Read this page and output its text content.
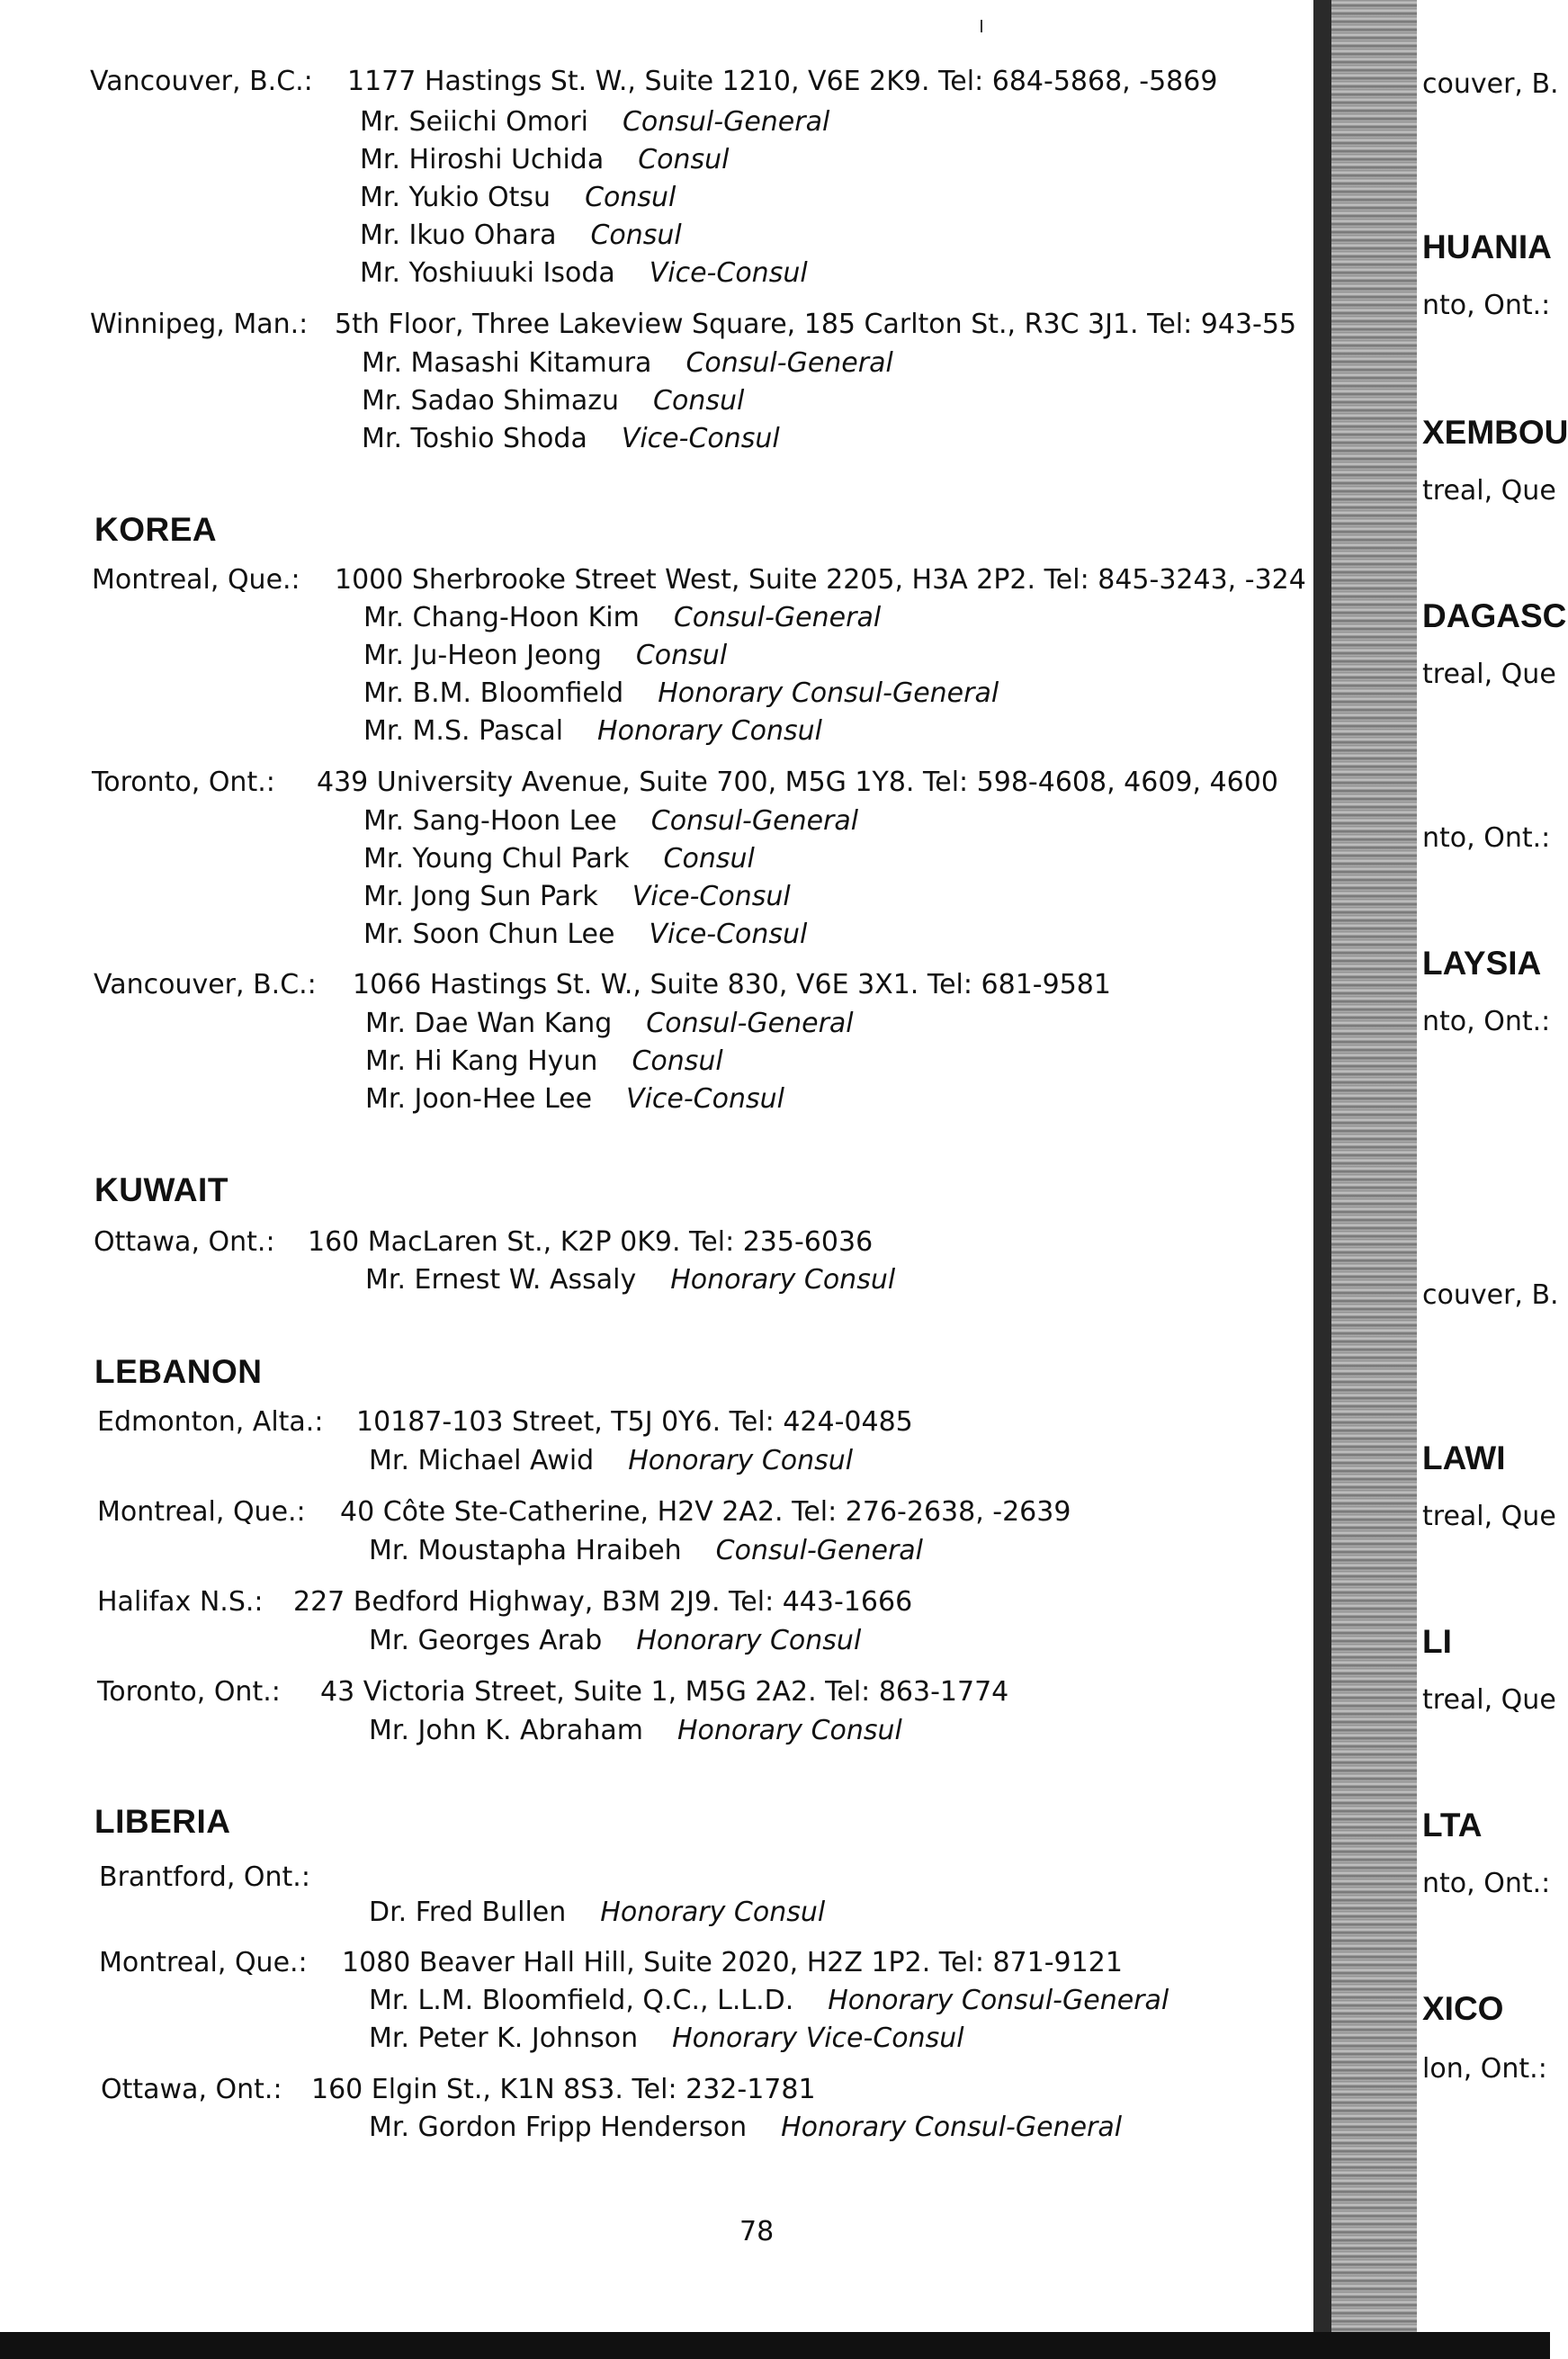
Vancouver, B.C.: 1177 Hastings St. W., Suite 1210, V6E 2K9. Tel: 684-5868, -5869
Mr. Seiichi Omori Consul-General
Mr. Hiroshi Uchida Consul
Mr. Yukio Otsu Consul
Mr. Ikuo Ohara Consul
Mr. Yoshiuuki Isoda Vice-Consul
Winnipeg, Man.: 5th Floor, Three Lakeview Square, 185 Carlton St., R3C 3J1. Tel: 943-55
Mr. Masashi Kitamura Consul-General
Mr. Sadao Shimazu Consul
Mr. Toshio Shoda Vice-Consul
KOREA
Montreal, Que.: 1000 Sherbrooke Street West, Suite 2205, H3A 2P2. Tel: 845-3243, -324
Mr. Chang-Hoon Kim Consul-General
Mr. Ju-Heon Jeong Consul
Mr. B.M. Bloomfield Honorary Consul-General
Mr. M.S. Pascal Honorary Consul
Toronto, Ont.: 439 University Avenue, Suite 700, M5G 1Y8. Tel: 598-4608, 4609, 4600
Mr. Sang-Hoon Lee Consul-General
Mr. Young Chul Park Consul
Mr. Jong Sun Park Vice-Consul
Mr. Soon Chun Lee Vice-Consul
Vancouver, B.C.: 1066 Hastings St. W., Suite 830, V6E 3X1. Tel: 681-9581
Mr. Dae Wan Kang Consul-General
Mr. Hi Kang Hyun Consul
Mr. Joon-Hee Lee Vice-Consul
KUWAIT
Ottawa, Ont.: 160 MacLaren St., K2P 0K9. Tel: 235-6036
Mr. Ernest W. Assaly Honorary Consul
LEBANON
Edmonton, Alta.: 10187-103 Street, T5J 0Y6. Tel: 424-0485
Mr. Michael Awid Honorary Consul
Montreal, Que.: 40 Côte Ste-Catherine, H2V 2A2. Tel: 276-2638, -2639
Mr. Moustapha Hraibeh Consul-General
Halifax N.S.: 227 Bedford Highway, B3M 2J9. Tel: 443-1666
Mr. Georges Arab Honorary Consul
Toronto, Ont.: 43 Victoria Street, Suite 1, M5G 2A2. Tel: 863-1774
Mr. John K. Abraham Honorary Consul
LIBERIA
Brantford, Ont.:
Dr. Fred Bullen Honorary Consul
Montreal, Que.: 1080 Beaver Hall Hill, Suite 2020, H2Z 1P2. Tel: 871-9121
Mr. L.M. Bloomfield, Q.C., L.L.D. Honorary Consul-General
Mr. Peter K. Johnson Honorary Vice-Consul
Ottawa, Ont.: 160 Elgin St., K1N 8S3. Tel: 232-1781
Mr. Gordon Fripp Henderson Honorary Consul-General
78
couver, B.
HUANIA
nto, Ont.:
XEMBOU
treal, Que
DAGASC
treal, Que
nto, Ont.:
LAYSIA
nto, Ont.:
couver, B.
LAWI
treal, Que
LI
treal, Que
LTA
nto, Ont.:
XICO
lon, Ont.:
